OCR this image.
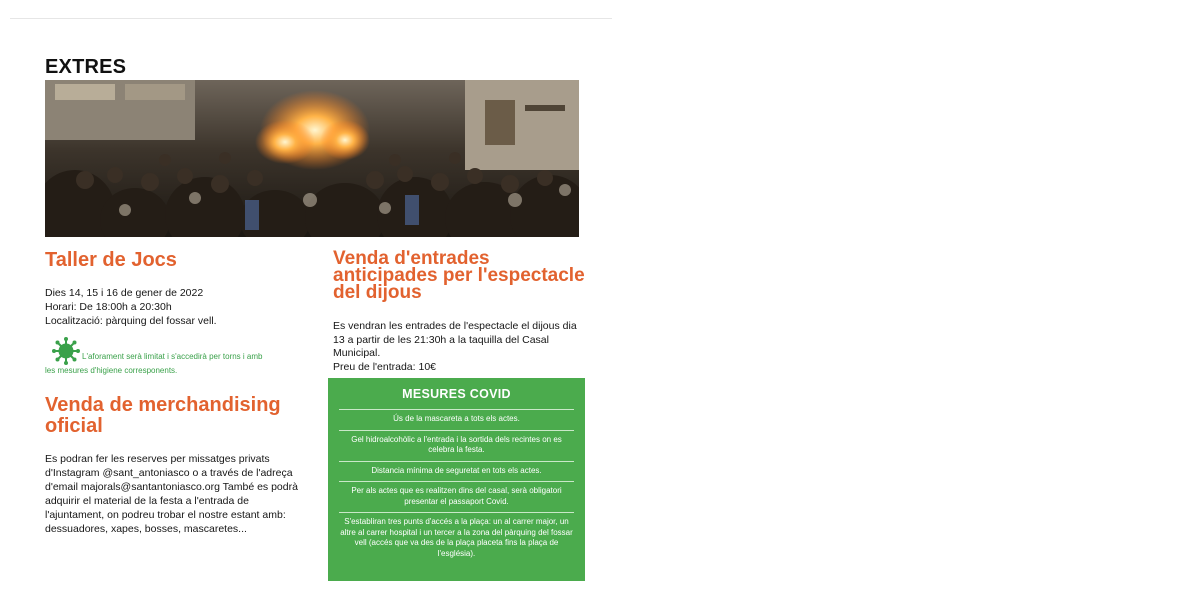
EXTRES
Taller de Jocs
Dies 14, 15 i 16 de gener de 2022
Horari: De 18:00h a 20:30h
Localització: pàrquing del fossar vell.
L'aforament serà limitat i s'accedirà per torns i amb
les mesures d'higiene corresponents.
Venda de merchandising oficial
Es podran fer les reserves per missatges privats d'Instagram @sant_antoniasco o a través de l'adreça d'email majorals@santantoniasco.org També es podrà adquirir el material de la festa a l'entrada de l'ajuntament, on podreu trobar el nostre estant amb: dessuadores, xapes, bosses, mascaretes...
Venda d'entrades anticipades per l'espectacle del dijous
Es vendran les entrades de l'espectacle el dijous dia 13 a partir de les 21:30h a la taquilla del Casal Municipal.
Preu de l'entrada: 10€
MESURES COVID
Ús de la mascareta a tots els actes.
Gel hidroalcohòlic a l'entrada i la sortida dels recintes on es celebra la festa.
Distancia mínima de seguretat en tots els actes.
Per als actes que es realitzen dins del casal, serà obligatori presentar el passaport Covid.
S'establiran tres punts d'accés a la plaça: un al carrer major, un altre al carrer hospital i un tercer a la zona del pàrquing del fossar vell (accés que va des de la plaça placeta fins la plaça de l'església).
